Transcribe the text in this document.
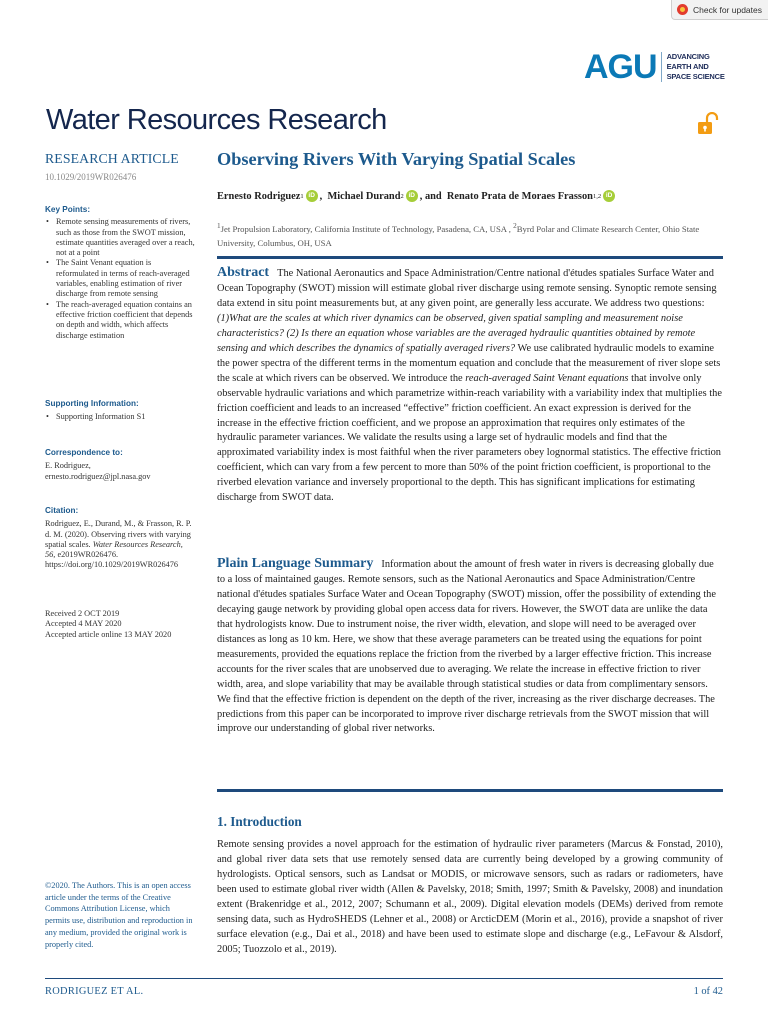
Check for updates
AGU ADVANCING
EARTH AND
SPACE SCIENCE
Water Resources Research
RESEARCH ARTICLE
10.1029/2019WR026476
Key Points:
• Remote sensing measurements of rivers, such as those from the SWOT mission, estimate quantities averaged over a reach, not at a point
• The Saint Venant equation is reformulated in terms of reach-averaged variables, enabling estimation of river discharge from remote sensing
• The reach-averaged equation contains an effective friction coefficient that depends on depth and width, which affects discharge estimation
Supporting Information:
• Supporting Information S1
Correspondence to:
E. Rodriguez,
ernesto.rodriguez@jpl.nasa.gov
Citation:
Rodriguez, E., Durand, M., & Frasson, R. P. d. M. (2020). Observing rivers with varying spatial scales. Water Resources Research, 56, e2019WR026476. https://doi.org/10.1029/2019WR026476
Received 2 OCT 2019
Accepted 4 MAY 2020
Accepted article online 13 MAY 2020
©2020. The Authors. This is an open access article under the terms of the Creative Commons Attribution License, which permits use, distribution and reproduction in any medium, provided the original work is properly cited.
Observing Rivers With Varying Spatial Scales
Ernesto Rodriguez 1 iD ,
Michael Durand 2 iD , and
Renato Prata de Moraes Frasson 1,2 iD
$^1$Jet Propulsion Laboratory, California Institute of Technology, Pasadena, CA, USA , $^2$Byrd Polar and Climate Research Center, Ohio State University, Columbus, OH, USA
Abstract The National Aeronautics and Space Administration/Centre national d'études spatiales Surface Water and Ocean Topography (SWOT) mission will estimate global river discharge using remote sensing. Synoptic remote sensing data extend in situ point measurements but, at any given point, are generally less accurate. We address two questions: (1)What are the scales at which river dynamics can be observed, given spatial sampling and measurement noise characteristics? (2) Is there an equation whose variables are the averaged hydraulic quantities obtained by remote sensing and which describes the dynamics of spatially averaged rivers? We use calibrated hydraulic models to examine the power spectra of the different terms in the momentum equation and conclude that the measurement of river slope sets the scale at which rivers can be observed. We introduce the reach-averaged Saint Venant equations that involve only observable hydraulic variations and which parametrize within-reach variability with a variability index that multiplies the friction coefficient and leads to an increased “effective” friction coefficient. An exact expression is derived for the increase in the effective friction coefficient, and we propose an approximation that requires only estimates of the hydraulic parameter variances. We validate the results using a large set of hydraulic models and find that the approximated variability index is most faithful when the river parameters obey lognormal statistics. The effective friction coefficient, which can vary from a few percent to more than 50% of the point friction coefficient, is proportional to the riverbed elevation variance and inversely proportional to the depth. This has significant implications for estimating discharge from SWOT data.
Plain Language Summary Information about the amount of fresh water in rivers is decreasing globally due to a loss of maintained gauges. Remote sensors, such as the National Aeronautics and Space Administration/Centre national d'études spatiales Surface Water and Ocean Topography (SWOT) mission, offer the possibility of extending the decaying gauge network by providing global open access data for rivers. However, the SWOT data are unlike the data that hydrologists know. Due to instrument noise, the river width, elevation, and slope will need to be averaged over distances as long as 10 km. Here, we show that these average parameters can be treated using the equations for point measurements, provided the equations replace the friction from the riverbed by a larger effective friction. This increase accounts for the river scales that are unobserved due to averaging. We relate the increase in effective friction to river width, area, and slope variability that may be available through statistical studies or data from complimentary sensors. We find that the effective friction is dependent on the depth of the river, increasing as the river discharge decreases. The predictions from this paper can be incorporated to improve river discharge retrievals from the SWOT mission that will improve our understanding of global river networks.
1. Introduction
Remote sensing provides a novel approach for the estimation of hydraulic river parameters (Marcus & Fonstad, 2010), and global river data sets that use remotely sensed data are currently being developed by a growing community of hydrologists. Optical sensors, such as Landsat or MODIS, or microwave sensors, such as radars or radiometers, have been used to estimate global river width (Allen & Pavelsky, 2018; Smith, 1997; Smith & Pavelsky, 2008) and inundation extent (Brakenridge et al., 2012, 2007; Schumann et al., 2009). Digital elevation models (DEMs) derived from remote sensing data, such as HydroSHEDS (Lehner et al., 2008) or ArcticDEM (Morin et al., 2016), provide a snapshot of river surface elevation (e.g., Dai et al., 2018) and have been used to estimate slope and discharge (e.g., LeFavour & Alsdorf, 2005; Tuozzolo et al., 2019).
RODRIGUEZ ET AL.	1 of 42
